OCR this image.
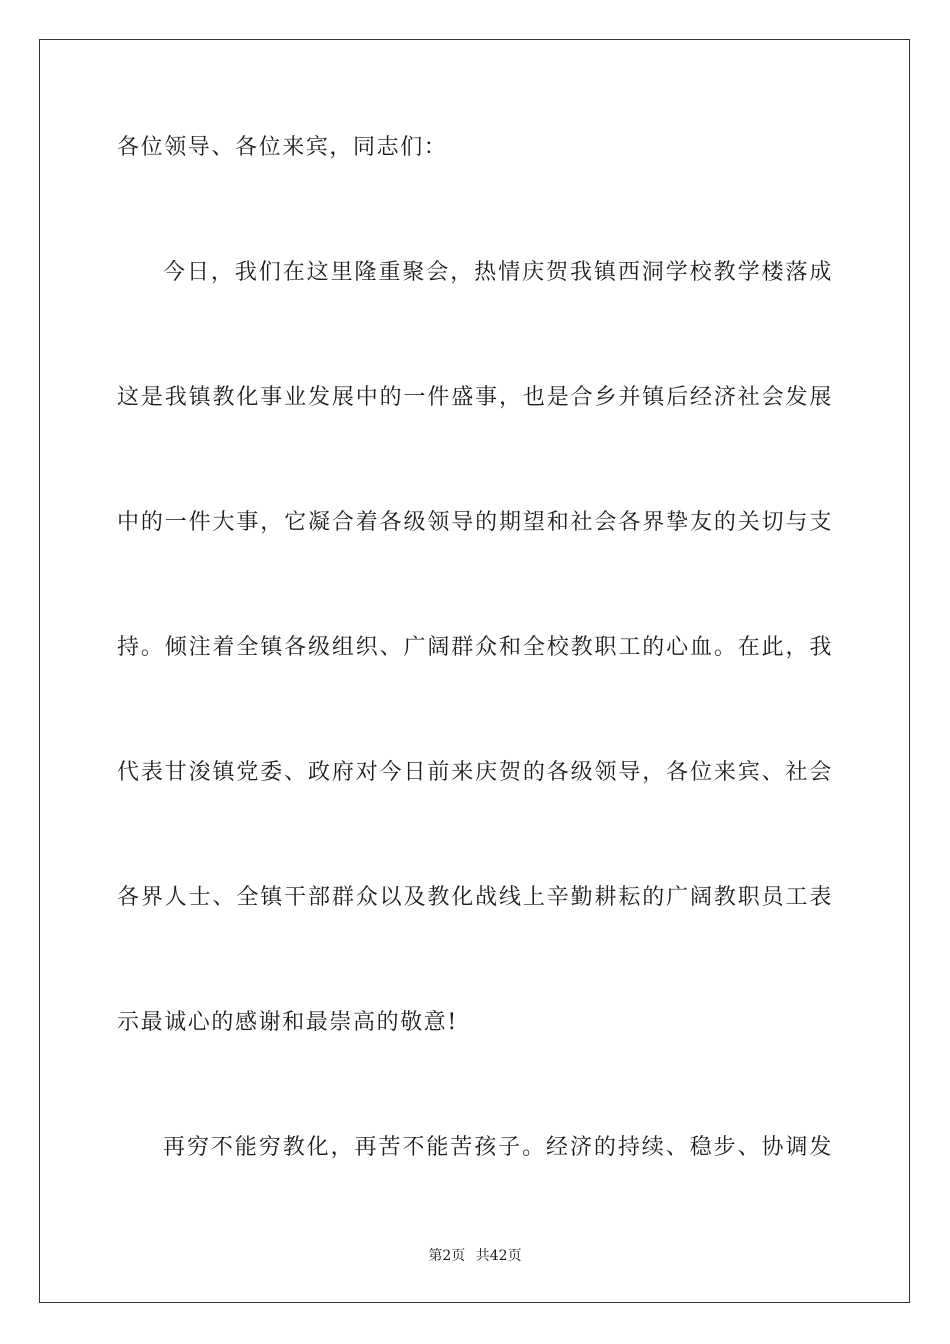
各位领导、各位来宾，同志们：
今日，我们在这里隆重聚会，热情庆贺我镇西洞学校教学楼落成
这是我镇教化事业发展中的一件盛事，也是合乡并镇后经济社会发展
中的一件大事，它凝合着各级领导的期望和社会各界挚友的关切与支
持。倾注着全镇各级组织、广阔群众和全校教职工的心血。在此，我
代表甘浚镇党委、政府对今日前来庆贺的各级领导，各位来宾、社会
各界人士、全镇干部群众以及教化战线上辛勤耕耘的广阔教职员工表
示最诚心的感谢和最崇高的敬意!
再穷不能穷教化，再苦不能苦孩子。经济的持续、稳步、协调发
第2页 共42页
